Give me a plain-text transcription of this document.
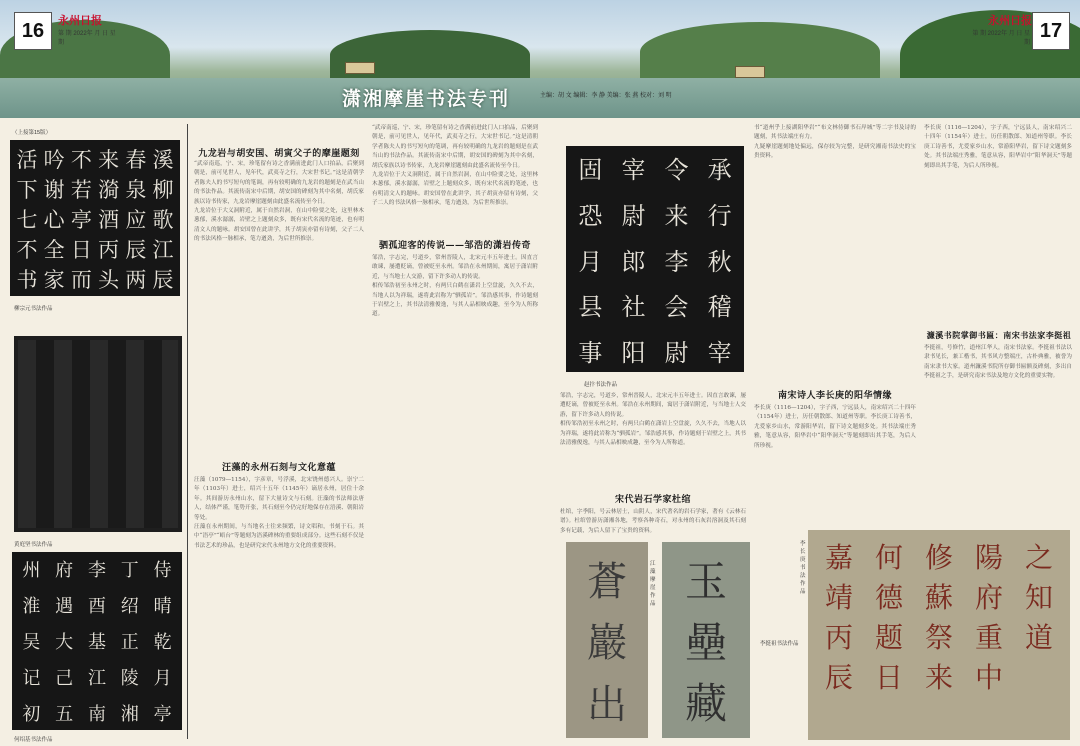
16	永州日报
第 期 2022年 月 日 星期
17
永州日报
第 期 2022年 月 日 星期
潇湘摩崖书法专刊	主编：胡 文 编辑：李 静 美编：张 燕 校对：刘 明
（上接第15版）
活 吟 不 来 春 溪
下 谢 若 漪 泉 柳
七 心 亭 酒 应 歌
不 全 日 丙 辰 江
书 家 而 头 两 辰
柳宗元书法作品
黄庭坚书法作品
州 府 李 丁 侍
淮 遇 酉 绍 晴
吴 大 基 正 乾
记 己 江 陵 月
初 五 南 湘 亭
何绍基书法作品
九龙岩与胡安国、胡寅父子的摩崖题刻
“武帝南巡，宁、宋，珍笔留有诗之香满前进此门人口拍品，后聚到朝是，前可见世人，见年代，武夷寺之行，大宋世书记。”这是清朝学者陈夫人的书写短句的笔调，再有较明确的九龙岩的题刻是在武当山的书法作品。其流传南宋中后期，胡安国的碑刻为其中名刻，胡氏家族以诗书传家，九龙岩摩崖题刻由此盛名流传至今日。
九龙岩位于大义洞附近，属于自然岩洞，在山中险要之处，这里林木葱郁，溪水潺潺，岩壁之上题刻众多，既有宋代名流的笔迹，也有明清文人的题咏。胡安国曾在此讲学，其子胡寅亦留有诗刻，父子二人的书法风格一脉相承，笔力遒劲，为后世所推崇。
汪藻的永州石刻与文化意蕴
汪藻（1079—1154），字彦章，号浮溪，北宋饶州德兴人。崇宁二年（1103年）进士，绍兴十五年（1145年）谪居永州，居住十余年。其间游历永州山水，留下大量诗文与石刻。汪藻的书法师法唐人，结体严谨，笔势开张，其石刻至今仍完好地保存在浯溪、朝阳岩等处。
汪藻在永州期间，与当地名士往来频繁，诗文唱和，书刻于石。其中“浯亭”“峿台”等题刻为浯溪碑林的重要组成部分。这些石刻不仅是书法艺术的珍品，也是研究宋代永州地方文化的重要资料。
“武帝南巡，宁、宋，珍笔留有诗之香满前进此门人口拍品，后聚到朝是，前可见世人，见年代，武夷寺之行，大宋世书记。”这是清朝学者陈夫人的书写短句的笔调，再有较明确的九龙岩的题刻是在武当山的书法作品。其流传南宋中后期，胡安国的碑刻为其中名刻，胡氏家族以诗书传家，九龙岩摩崖题刻由此盛名流传至今日。
九龙岩位于大义洞附近，属于自然岩洞，在山中险要之处，这里林木葱郁，溪水潺潺，岩壁之上题刻众多，既有宋代名流的笔迹，也有明清文人的题咏。胡安国曾在此讲学，其子胡寅亦留有诗刻，父子二人的书法风格一脉相承，笔力遒劲，为后世所推崇。
驷孤迎客的传说——邹浩的潇岩传奇
邹浩，字志完，号道乡，常州晋陵人，北宋元丰五年进士。因直言敢谏，屡遭贬谪，曾被贬至永州。邹浩在永州期间，寓居于潇岩附近，与当地士人交游，留下许多动人的传说。
相传邹浩初至永州之时，有两只白鹤在潇岩上空盘旋，久久不去，当地人以为祥瑞，遂将此岩称为“驷孤岩”。邹浩感其事，作诗题刻于岩壁之上，其书法清雅俊逸，与其人品相映成趣，至今为人所称道。
固 宰 令 承
恐 尉 来 行
月 郎 李 秋
县 社 会 稽
事 阳 尉 宰
赵抃书法作品
邹浩，字志完，号道乡，常州晋陵人，北宋元丰五年进士。因直言敢谏，屡遭贬谪，曾被贬至永州。邹浩在永州期间，寓居于潇岩附近，与当地士人交游，留下许多动人的传说。
相传邹浩初至永州之时，有两只白鹤在潇岩上空盘旋，久久不去，当地人以为祥瑞，遂将此岩称为“驷孤岩”。邹浩感其事，作诗题刻于岩壁之上，其书法清雅俊逸，与其人品相映成趣，至今为人所称道。
宋代岩石学家杜绾
杜绾，字季阳，号云林居士，山阴人，宋代著名的岩石学家，著有《云林石谱》。杜绾曾游历潇湘各地，考察各种奇石，对永州的石灰岩溶洞及其石刻多有记载，为后人留下了宝贵的资料。
蒼
巖
出
江藻摩崖作品 玉
壘
藏
书“道州乎上接湖阳华岩”“布文林侍御书石岸城”等二字书及诗的题刻，其书法端庄有力。
九疑摩崖题刻地处偏远，保存较为完整，是研究湘南书法史的宝贵资料。
南宋诗人李长庚的阳华情缘
李长庚（1116—1204），字子西，宁远县人，南宋绍兴二十四年（1154年）进士，历任朝散郎、知道州等职。李长庚工诗善书，尤爱家乡山水，常游阳华岩，留下诗文题刻多处。其书法端庄秀雅，笔意从容，阳华岩中“阳华洞天”等题刻即出其手笔，为后人所珍视。
李长庚（1116—1204），字子西，宁远县人，南宋绍兴二十四年（1154年）进士，历任朝散郎、知道州等职。李长庚工诗善书，尤爱家乡山水，常游阳华岩，留下诗文题刻多处。其书法端庄秀雅，笔意从容，阳华岩中“阳华洞天”等题刻即出其手笔，为后人所珍视。
濂溪书院掌御书匾：南宋书法家李挺祖
李挺祖，号修竹，道州江华人，南宋书法家。李挺祖书法以隶书见长，兼工楷书，其书风方整端庄，古朴典雅，被誉为南宋隶书大家。道州濂溪书院所存御书匾额及碑刻，多出自李挺祖之手，是研究南宋书法及地方文化的重要实物。
李挺祖书法作品
嘉
靖
丙
辰
何
德
题
日
修
蘇
祭
来
陽
府
重
中
之
知
道
李长庚书法作品
